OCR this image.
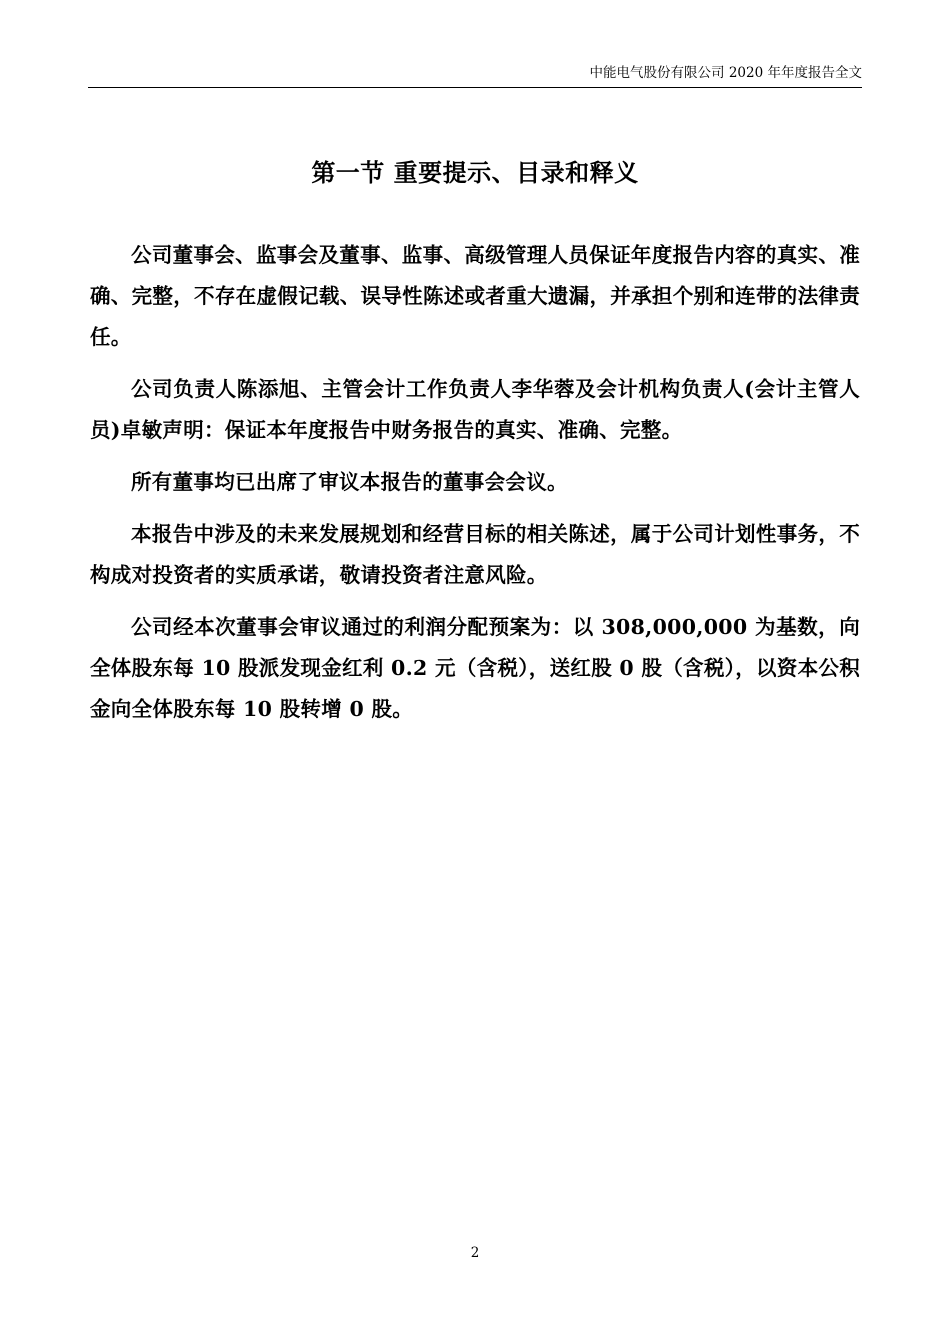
中能电气股份有限公司 2020 年年度报告全文
第一节 重要提示、目录和释义

公司董事会、监事会及董事、监事、高级管理人员保证年度报告内容的真实、准确、完整，不存在虚假记载、误导性陈述或者重大遗漏，并承担个别和连带的法律责任。

公司负责人陈添旭、主管会计工作负责人李华蓉及会计机构负责人(会计主管人员)卓敏声明：保证本年度报告中财务报告的真实、准确、完整。

所有董事均已出席了审议本报告的董事会会议。

本报告中涉及的未来发展规划和经营目标的相关陈述，属于公司计划性事务，不构成对投资者的实质承诺，敬请投资者注意风险。

公司经本次董事会审议通过的利润分配预案为：以 308,000,000 为基数，向全体股东每 10 股派发现金红利 0.2 元（含税），送红股 0 股（含税），以资本公积金向全体股东每 10 股转增 0 股。

2
